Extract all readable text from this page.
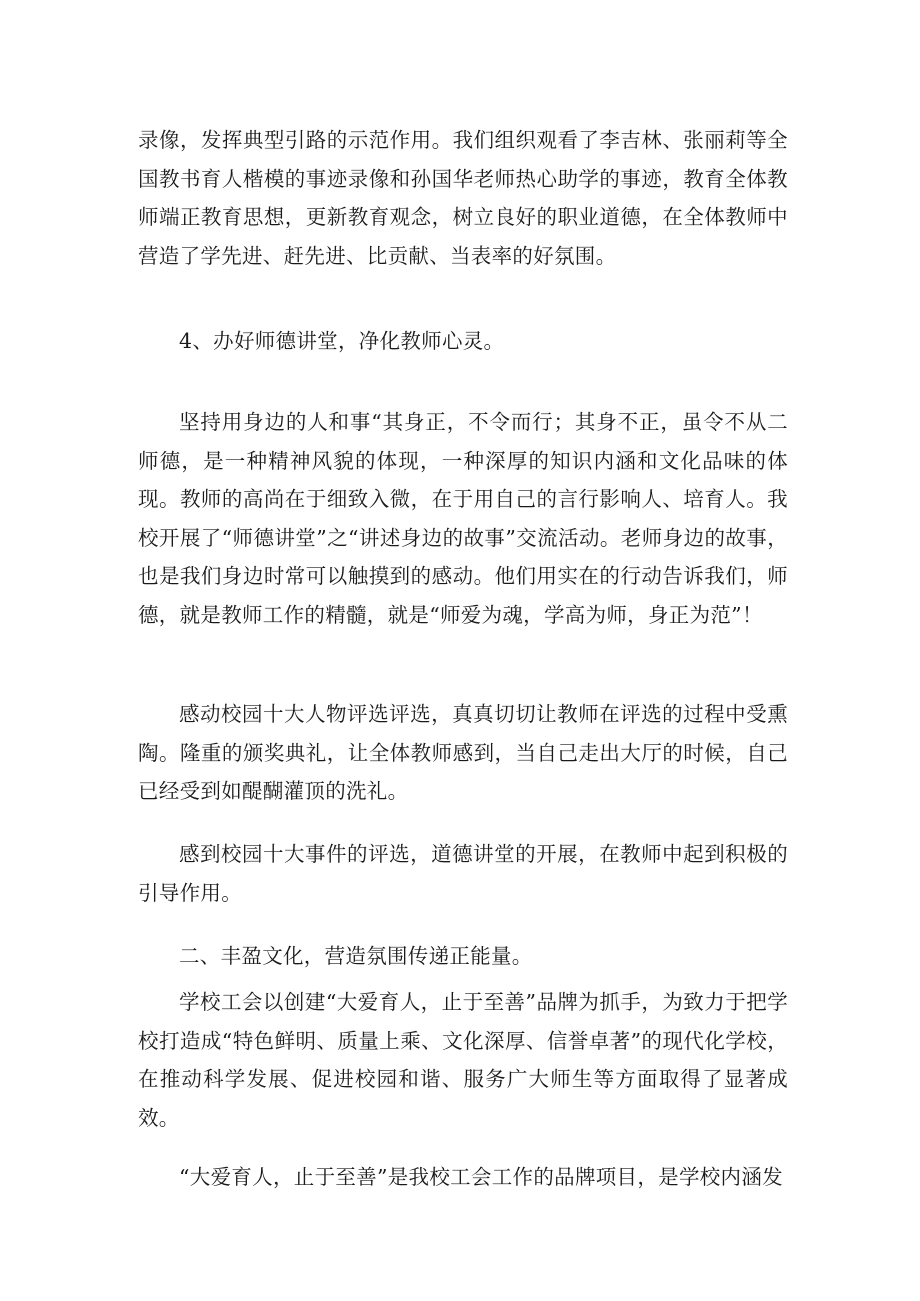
录像，发挥典型引路的示范作用。我们组织观看了李吉林、张丽莉等全国教书育人楷模的事迹录像和孙国华老师热心助学的事迹，教育全体教师端正教育思想，更新教育观念，树立良好的职业道德，在全体教师中营造了学先进、赶先进、比贡献、当表率的好氛围。

4、办好师德讲堂，净化教师心灵。

坚持用身边的人和事“其身正，不令而行；其身不正，虽令不从二师德，是一种精神风貌的体现，一种深厚的知识内涵和文化品味的体现。教师的高尚在于细致入微，在于用自己的言行影响人、培育人。我校开展了“师德讲堂”之“讲述身边的故事”交流活动。老师身边的故事，也是我们身边时常可以触摸到的感动。他们用实在的行动告诉我们，师德，就是教师工作的精髓，就是“师爱为魂，学高为师，身正为范”！

感动校园十大人物评选评选，真真切切让教师在评选的过程中受熏陶。隆重的颁奖典礼，让全体教师感到，当自己走出大厅的时候，自己已经受到如醍醐灌顶的洗礼。

感到校园十大事件的评选，道德讲堂的开展，在教师中起到积极的引导作用。

二、丰盈文化，营造氛围传递正能量。

学校工会以创建“大爱育人，止于至善”品牌为抓手，为致力于把学校打造成“特色鲜明、质量上乘、文化深厚、信誉卓著”的现代化学校，在推动科学发展、促进校园和谐、服务广大师生等方面取得了显著成效。

“大爱育人，止于至善”是我校工会工作的品牌项目，是学校内涵发
